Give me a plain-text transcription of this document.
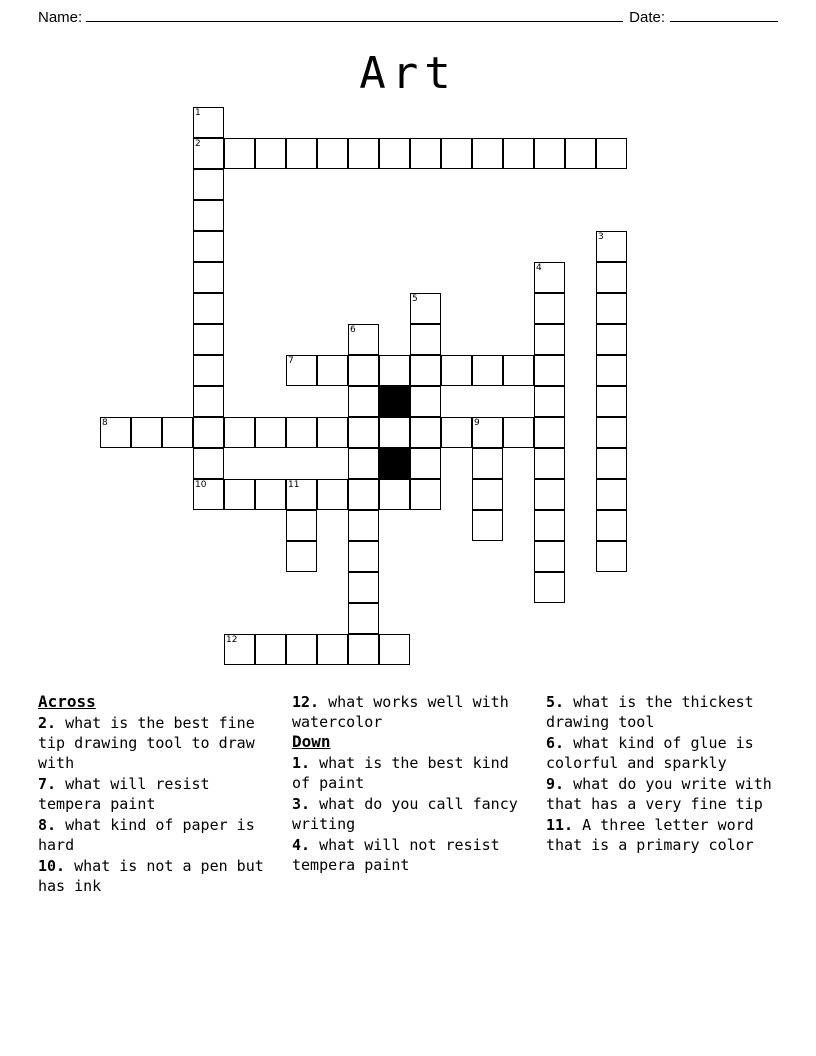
Name:	Date:
Art
1
2
3
4
5
6
7
8	9
10	11
12
Across
2. what is the best fine tip drawing tool to draw with
7. what will resist tempera paint
8. what kind of paper is hard
10. what is not a pen but has ink
12. what works well with watercolor
Down
1. what is the best kind of paint
3. what do you call fancy writing
4. what will not resist tempera paint
5. what is the thickest drawing tool
6. what kind of glue is colorful and sparkly
9. what do you write with that has a very fine tip
11. A three letter word that is a primary color
